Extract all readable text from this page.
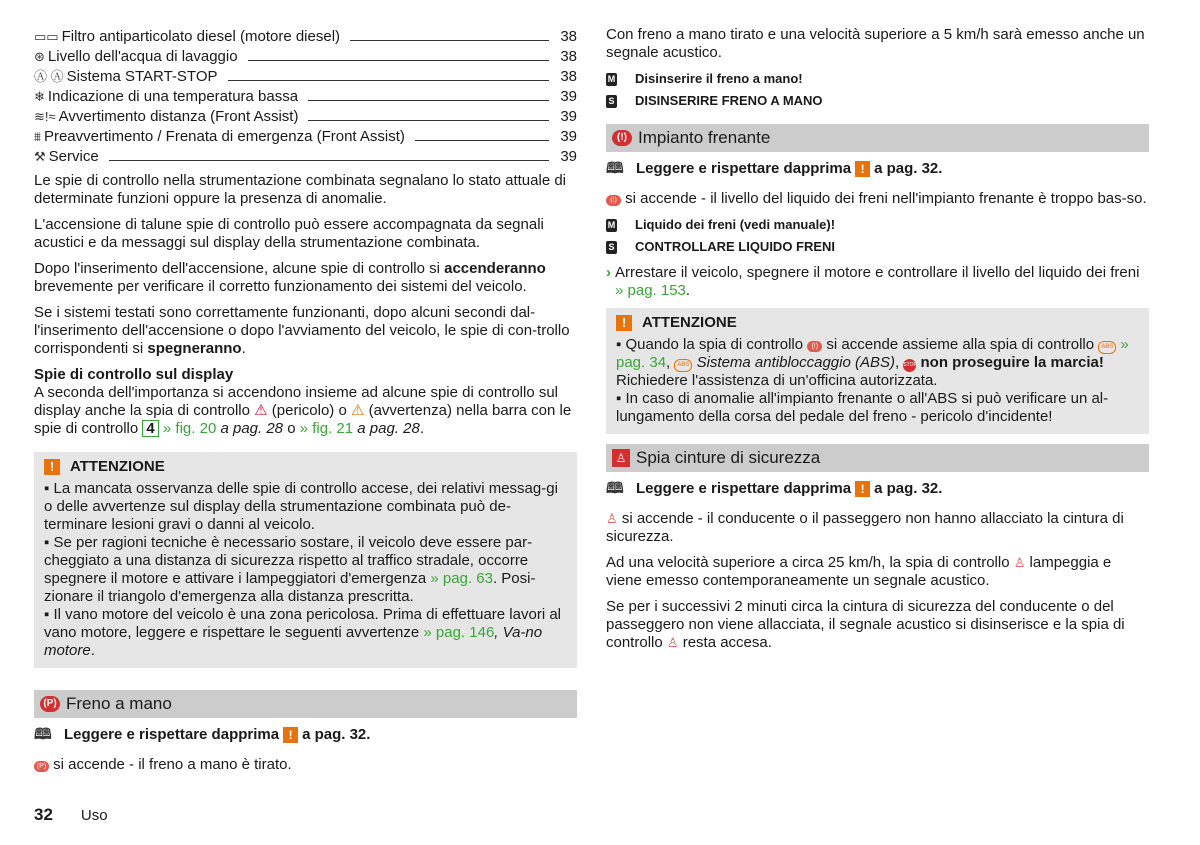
▭▭ Filtro antiparticolato diesel (motore diesel)	38
⊛ Livello dell'acqua di lavaggio	38
Ⓐ Ⓐ Sistema START-STOP	38
❄ Indicazione di una temperatura bassa	39
≋!≈ Avvertimento distanza (Front Assist)	39
⩩ Preavvertimento / Frenata di emergenza (Front Assist)	39
⚒ Service	39

Le spie di controllo nella strumentazione combinata segnalano lo stato attuale di determinate funzioni oppure la presenza di anomalie.

L'accensione di talune spie di controllo può essere accompagnata da segnali acustici e da messaggi sul display della strumentazione combinata.

Dopo l'inserimento dell'accensione, alcune spie di controllo si accenderanno brevemente per verificare il corretto funzionamento dei sistemi del veicolo.

Se i sistemi testati sono correttamente funzionanti, dopo alcuni secondi dal-l'inserimento dell'accensione o dopo l'avviamento del veicolo, le spie di con-trollo corrispondenti si spegneranno.

Spie di controllo sul display
A seconda dell'importanza si accendono insieme ad alcune spie di controllo sul display anche la spia di controllo ⚠ (pericolo) o ⚠ (avvertenza) nella barra con le spie di controllo 4 » fig. 20 a pag. 28 o » fig. 21 a pag. 28.

!	ATTENZIONE
▪ La mancata osservanza delle spie di controllo accese, dei relativi messag-gi o delle avvertenze sul display della strumentazione combinata può de-terminare lesioni gravi o danni al veicolo.
▪ Se per ragioni tecniche è necessario sostare, il veicolo deve essere par-cheggiato a una distanza di sicurezza rispetto al traffico stradale, occorre spegnere il motore e attivare i lampeggiatori d'emergenza » pag. 63. Posi-zionare il triangolo d'emergenza alla distanza prescritta.
▪ Il vano motore del veicolo è una zona pericolosa. Prima di effettuare lavori al vano motore, leggere e rispettare le seguenti avvertenze » pag. 146, Va-no motore.
(P) Freno a mano
🕮 Leggere e rispettare dapprima ! a pag. 32.

(P) si accende - il freno a mano è tirato.

Con freno a mano tirato e una velocità superiore a 5 km/h sarà emesso anche un segnale acustico.

M Disinserire il freno a mano!
S DISINSERIRE FRENO A MANO
(!) Impianto frenante
🕮 Leggere e rispettare dapprima ! a pag. 32.

(!) si accende - il livello del liquido dei freni nell'impianto frenante è troppo bas-so.

M Liquido dei freni (vedi manuale)!
S CONTROLLARE LIQUIDO FRENI
› Arrestare il veicolo, spegnere il motore e controllare il livello del liquido dei freni » pag. 153.
!	ATTENZIONE
▪ Quando la spia di controllo (!) si accende assieme alla spia di controllo ABS » pag. 34, ABS Sistema antibloccaggio (ABS), STOP non proseguire la marcia!
Richiedere l'assistenza di un'officina autorizzata.
▪ In caso di anomalie all'impianto frenante o all'ABS si può verificare un al-lungamento della corsa del pedale del freno - pericolo d'incidente!
♙ Spia cinture di sicurezza
🕮 Leggere e rispettare dapprima ! a pag. 32.

♙ si accende - il conducente o il passeggero non hanno allacciato la cintura di sicurezza.

Ad una velocità superiore a circa 25 km/h, la spia di controllo ♙ lampeggia e viene emesso contemporaneamente un segnale acustico.

Se per i successivi 2 minuti circa la cintura di sicurezza del conducente o del passeggero non viene allacciata, il segnale acustico si disinserisce e la spia di controllo ♙ resta accesa.

32 Uso
